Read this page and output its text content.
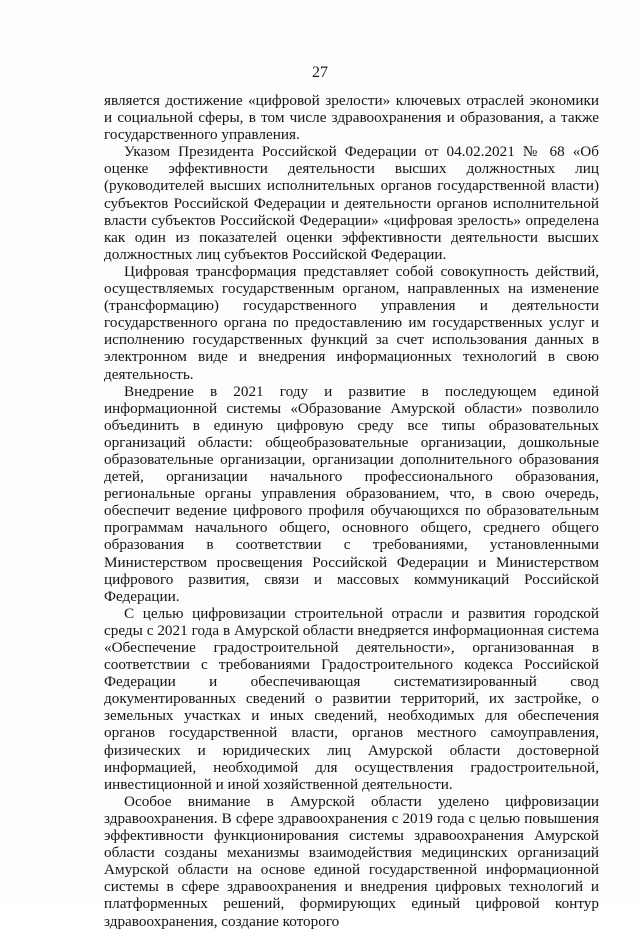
27

является достижение «цифровой зрелости» ключевых отраслей экономики и социальной сферы, в том числе здравоохранения и образования, а также государственного управления.

Указом Президента Российской Федерации от 04.02.2021 № 68 «Об оценке эффективности деятельности высших должностных лиц (руководителей высших исполнительных органов государственной власти) субъектов Российской Федерации и деятельности органов исполнительной власти субъектов Российской Федерации» «цифровая зрелость» определена как один из показателей оценки эффективности деятельности высших должностных лиц субъектов Российской Федерации.

Цифровая трансформация представляет собой совокупность действий, осуществляемых государственным органом, направленных на изменение (трансформацию) государственного управления и деятельности государственного органа по предоставлению им государственных услуг и исполнению государственных функций за счет использования данных в электронном виде и внедрения информационных технологий в свою деятельность.

Внедрение в 2021 году и развитие в последующем единой информационной системы «Образование Амурской области» позволило объединить в единую цифровую среду все типы образовательных организаций области: общеобразовательные организации, дошкольные образовательные организации, организации дополнительного образования детей, организации начального профессионального образования, региональные органы управления образованием, что, в свою очередь, обеспечит ведение цифрового профиля обучающихся по образовательным программам начального общего, основного общего, среднего общего образования в соответствии с требованиями, установленными Министерством просвещения Российской Федерации и Министерством цифрового развития, связи и массовых коммуникаций Российской Федерации.

С целью цифровизации строительной отрасли и развития городской среды с 2021 года в Амурской области внедряется информационная система «Обеспечение градостроительной деятельности», организованная в соответствии с требованиями Градостроительного кодекса Российской Федерации и обеспечивающая систематизированный свод документированных сведений о развитии территорий, их застройке, о земельных участках и иных сведений, необходимых для обеспечения органов государственной власти, органов местного самоуправления, физических и юридических лиц Амурской области достоверной информацией, необходимой для осуществления градостроительной, инвестиционной и иной хозяйственной деятельности.

Особое внимание в Амурской области уделено цифровизации здравоохранения. В сфере здравоохранения с 2019 года с целью повышения эффективности функционирования системы здравоохранения Амурской области созданы механизмы взаимодействия медицинских организаций Амурской области на основе единой государственной информационной системы в сфере здравоохранения и внедрения цифровых технологий и платформенных решений, формирующих единый цифровой контур здравоохранения, создание которого
